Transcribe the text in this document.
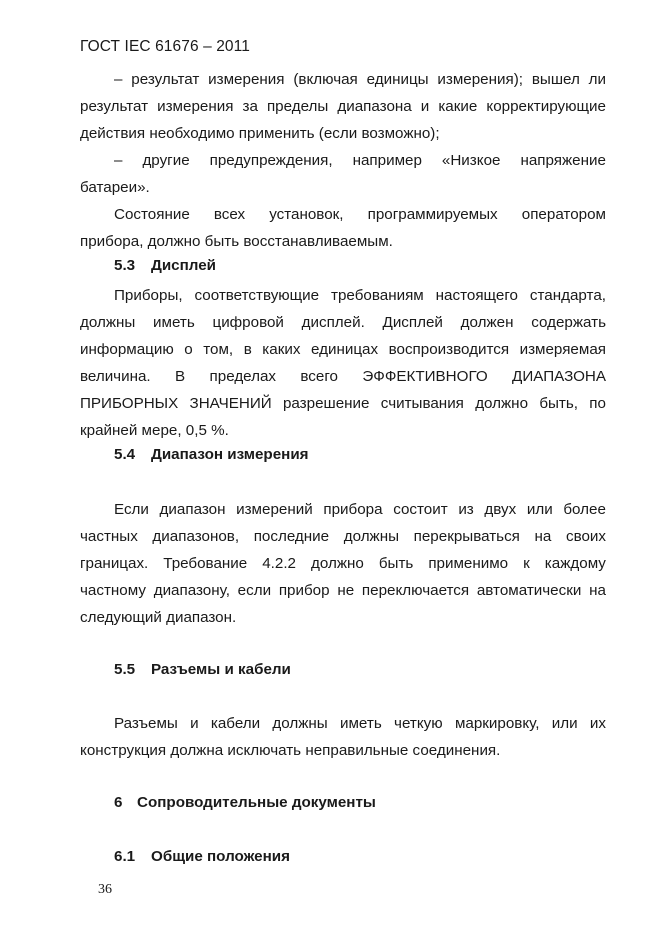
ГОСТ IEC 61676 – 2011
– результат измерения (включая единицы измерения); вышел ли
результат измерения за пределы диапазона и какие корректирующие
действия необходимо применить (если возможно);
– другие предупреждения, например «Низкое напряжение
батареи».
Состояние всех установок, программируемых оператором
прибора, должно быть восстанавливаемым.
5.3 Дисплей
Приборы, соответствующие требованиям настоящего стандарта,
должны иметь цифровой дисплей. Дисплей должен содержать
информацию о том, в каких единицах воспроизводится измеряемая
величина. В пределах всего ЭФФЕКТИВНОГО ДИАПАЗОНА
ПРИБОРНЫХ ЗНАЧЕНИЙ разрешение считывания должно быть, по
крайней мере, 0,5 %.
5.4 Диапазон измерения
Если диапазон измерений прибора состоит из двух или более
частных диапазонов, последние должны перекрываться на своих
границах. Требование 4.2.2 должно быть применимо к каждому
частному диапазону, если прибор не переключается автоматически на
следующий диапазон.
5.5 Разъемы и кабели
Разъемы и кабели должны иметь четкую маркировку, или их
конструкция должна исключать неправильные соединения.
6 Сопроводительные документы
6.1 Общие положения
36
